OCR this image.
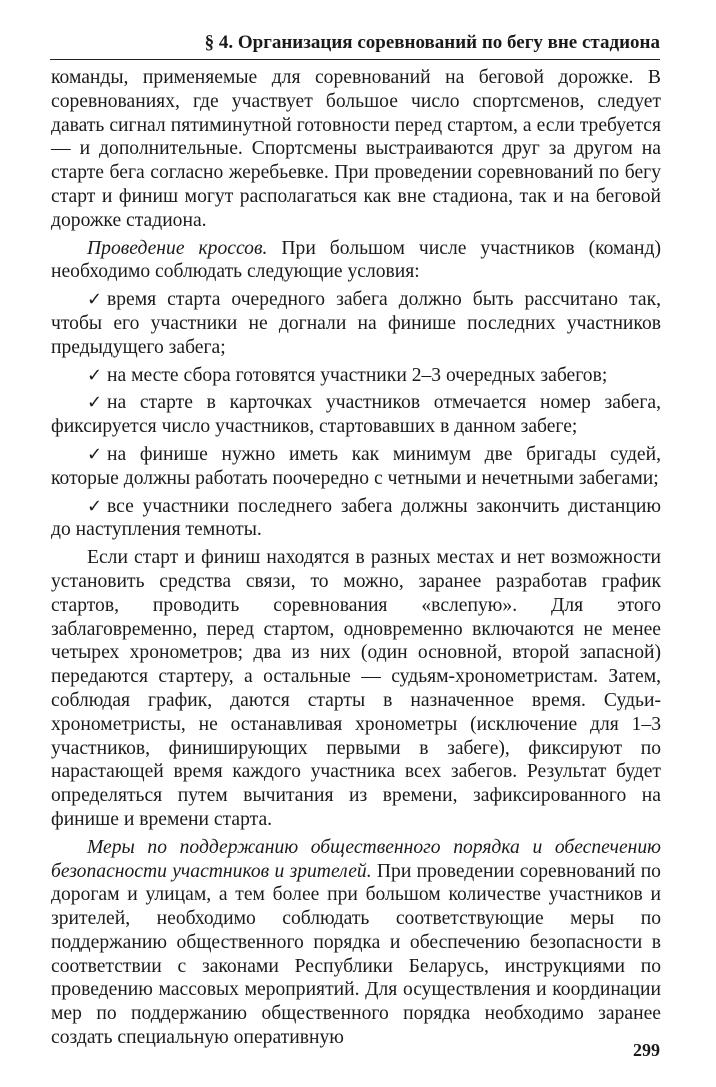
§ 4. Организация соревнований по бегу вне стадиона

команды, применяемые для соревнований на беговой дорожке. В соревнованиях, где участвует большое число спортсменов, следует давать сигнал пятиминутной готовности перед стартом, а если требуется — и дополнительные. Спортсмены выстраиваются друг за другом на старте бега согласно жеребьевке. При проведении соревнований по бегу старт и финиш могут располагаться как вне стадиона, так и на беговой дорожке стадиона.

Проведение кроссов. При большом числе участников (команд) необходимо соблюдать следующие условия:

✓ время старта очередного забега должно быть рассчитано так, чтобы его участники не догнали на финише последних участников предыдущего забега;

✓ на месте сбора готовятся участники 2–3 очередных забегов;

✓ на старте в карточках участников отмечается номер забега, фиксируется число участников, стартовавших в данном забеге;

✓ на финише нужно иметь как минимум две бригады судей, которые должны работать поочередно с четными и нечетными забегами;

✓ все участники последнего забега должны закончить дистанцию до наступления темноты.

Если старт и финиш находятся в разных местах и нет возможности установить средства связи, то можно, заранее разработав график стартов, проводить соревнования «вслепую». Для этого заблаговременно, перед стартом, одновременно включаются не менее четырех хронометров; два из них (один основной, второй запасной) передаются стартеру, а остальные — судьям-хронометристам. Затем, соблюдая график, даются старты в назначенное время. Судьи-хронометристы, не останавливая хронометры (исключение для 1–3 участников, финиширующих первыми в забеге), фиксируют по нарастающей время каждого участника всех забегов. Результат будет определяться путем вычитания из времени, зафиксированного на финише и времени старта.

Меры по поддержанию общественного порядка и обеспечению безопасности участников и зрителей. При проведении соревнований по дорогам и улицам, а тем более при большом количестве участников и зрителей, необходимо соблюдать соответствующие меры по поддержанию общественного порядка и обеспечению безопасности в соответствии с законами Республики Беларусь, инструкциями по проведению массовых мероприятий. Для осуществления и координации мер по поддержанию общественного порядка необходимо заранее создать специальную оперативную

299
